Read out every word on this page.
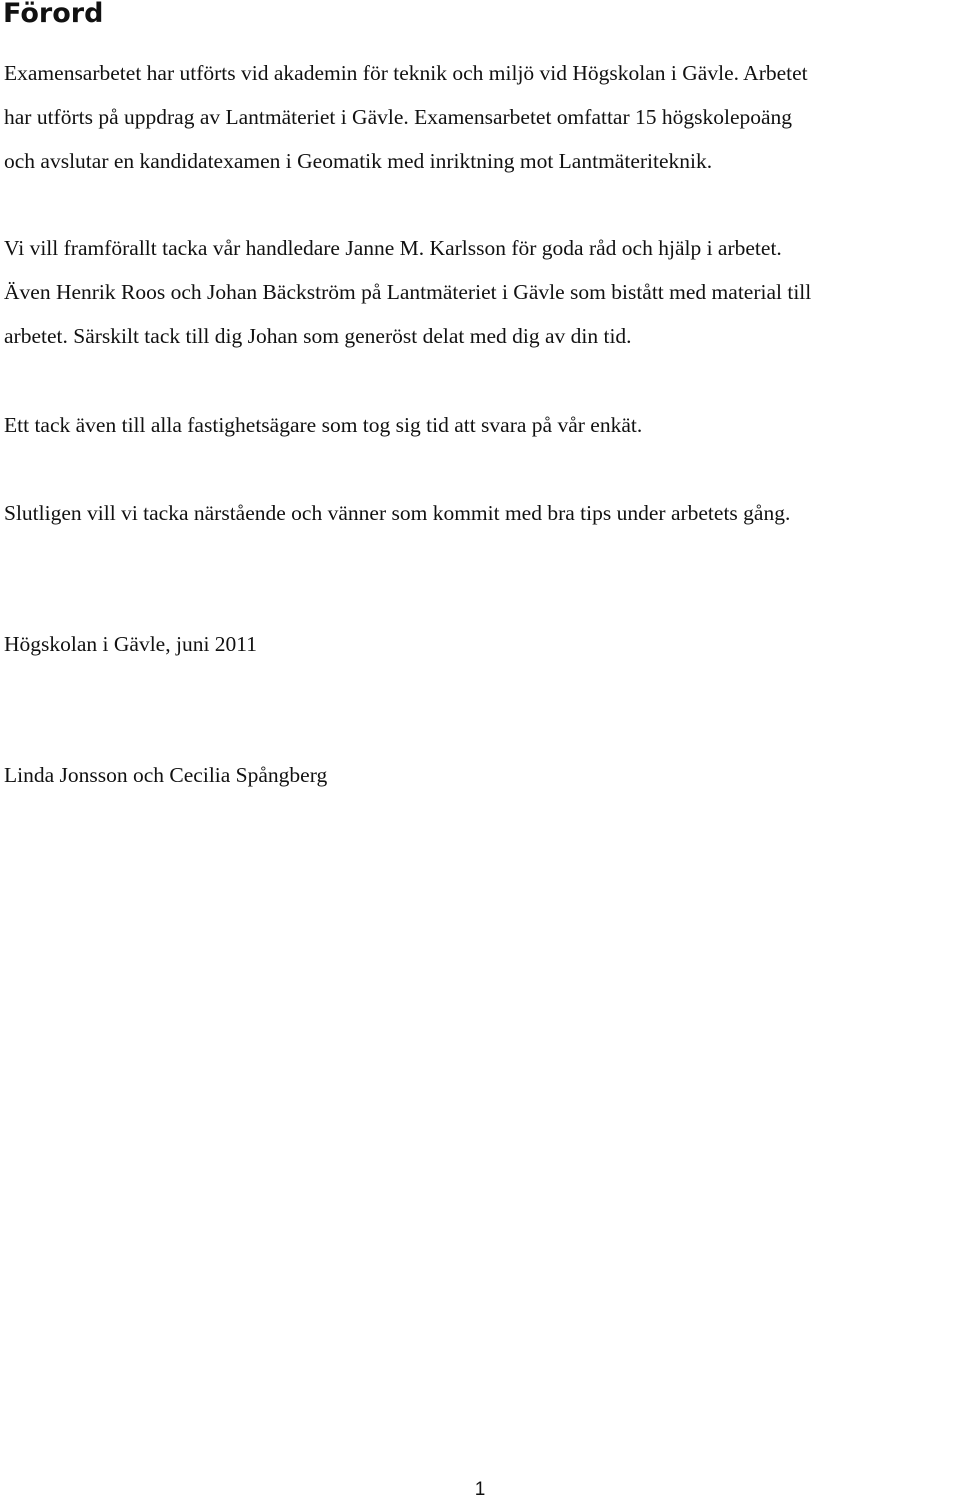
Förord

Examensarbetet har utförts vid akademin för teknik och miljö vid Högskolan i Gävle. Arbetet
har utförts på uppdrag av Lantmäteriet i Gävle. Examensarbetet omfattar 15 högskolepoäng
och avslutar en kandidatexamen i Geomatik med inriktning mot Lantmäteriteknik.

Vi vill framförallt tacka vår handledare Janne M. Karlsson för goda råd och hjälp i arbetet.
Även Henrik Roos och Johan Bäckström på Lantmäteriet i Gävle som bistått med material till
arbetet. Särskilt tack till dig Johan som generöst delat med dig av din tid.

Ett tack även till alla fastighetsägare som tog sig tid att svara på vår enkät.

Slutligen vill vi tacka närstående och vänner som kommit med bra tips under arbetets gång.

Högskolan i Gävle, juni 2011

Linda Jonsson och Cecilia Spångberg

1
